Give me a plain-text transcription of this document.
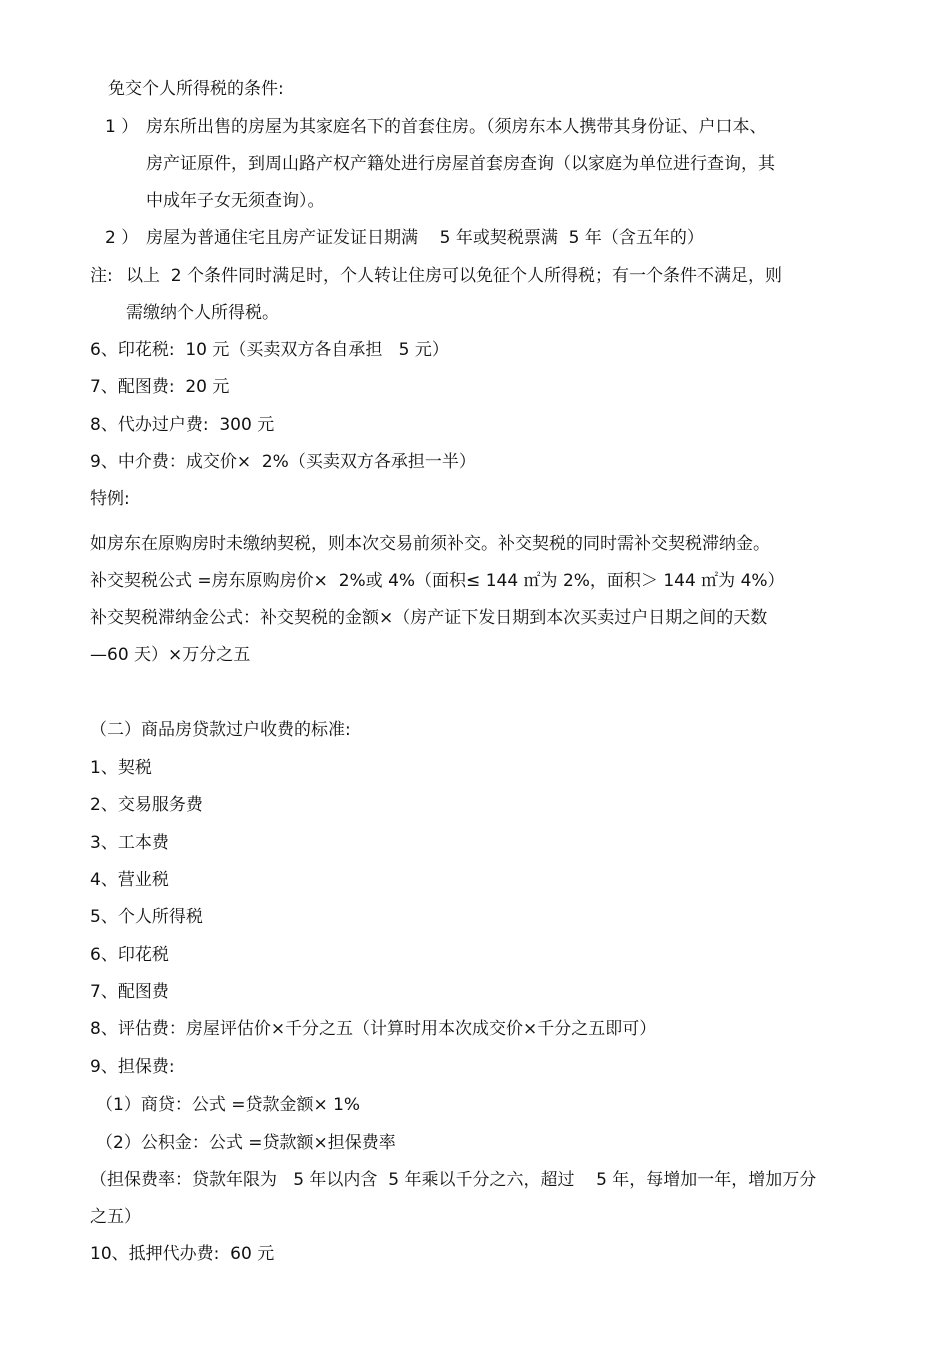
免交个人所得税的条件:
1 ） 房东所出售的房屋为其家庭名下的首套住房。（须房东本人携带其身份证、户口本、
房产证原件，到周山路产权产籍处进行房屋首套房查询（以家庭为单位进行查询，其
中成年子女无须查询）。
2 ） 房屋为普通住宅且房产证发证日期满    5 年或契税票满  5 年（含五年的）
注: 以上  2 个条件同时满足时，个人转让住房可以免征个人所得税；有一个条件不满足，则
需缴纳个人所得税。
6、印花税:  10 元（买卖双方各自承担   5 元）
7、配图费:  20 元
8、代办过户费:  300 元
9、中介费：成交价×  2%（买卖双方各承担一半）
特例:
如房东在原购房时未缴纳契税，则本次交易前须补交。补交契税的同时需补交契税滞纳金。
补交契税公式 =房东原购房价×  2%或 4%（面积≤ 144 ㎡为 2%，面积＞ 144 ㎡为 4%）
补交契税滞纳金公式：补交契税的金额×（房产证下发日期到本次买卖过户日期之间的天数
—60 天）×万分之五
（二）商品房贷款过户收费的标准:
1、契税
2、交易服务费
3、工本费
4、营业税
5、个人所得税
6、印花税
7、配图费
8、评估费：房屋评估价×千分之五（计算时用本次成交价×千分之五即可）
9、担保费:
（1）商贷：公式 =贷款金额× 1%
（2）公积金：公式 =贷款额×担保费率
（担保费率：贷款年限为   5 年以内含  5 年乘以千分之六，超过    5 年，每增加一年，增加万分
之五）
10、抵押代办费:  60 元
